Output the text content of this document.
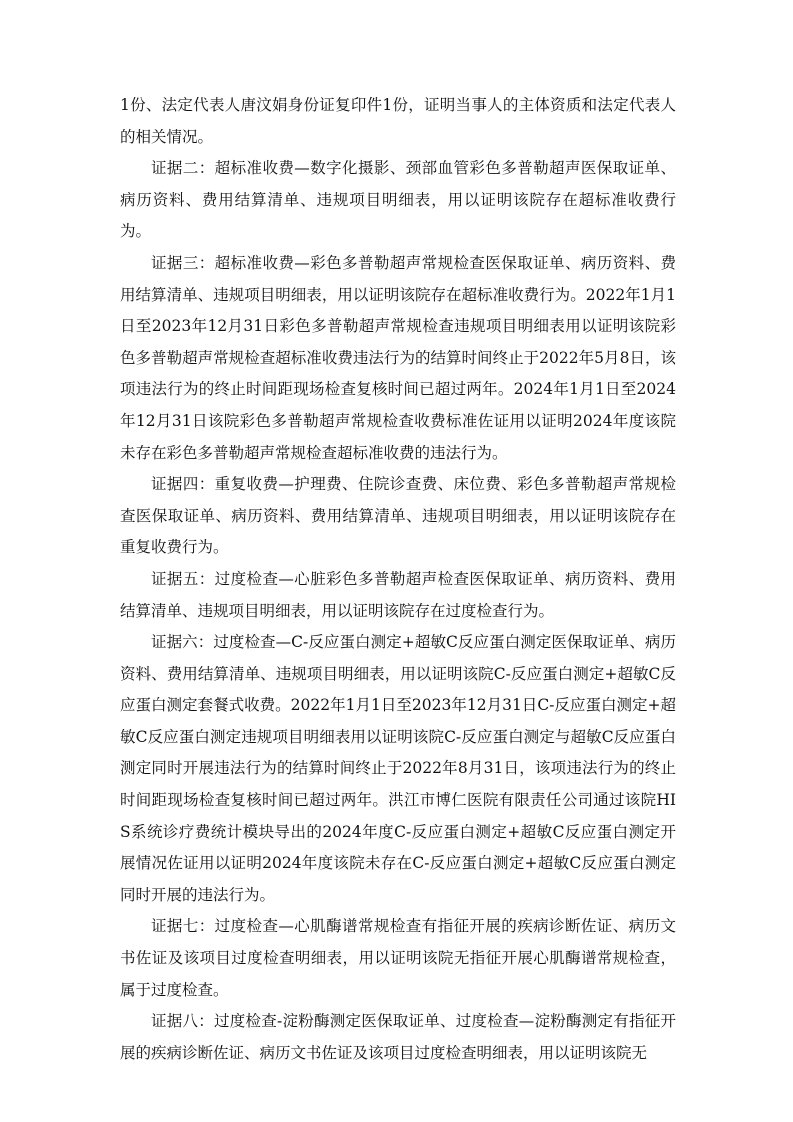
1份、法定代表人唐汶娟身份证复印件1份，证明当事人的主体资质和法定代表人的相关情况。

证据二：超标准收费—数字化摄影、颈部血管彩色多普勒超声医保取证单、病历资料、费用结算清单、违规项目明细表，用以证明该院存在超标准收费行为。

证据三：超标准收费—彩色多普勒超声常规检查医保取证单、病历资料、费用结算清单、违规项目明细表，用以证明该院存在超标准收费行为。2022年1月1日至2023年12月31日彩色多普勒超声常规检查违规项目明细表用以证明该院彩色多普勒超声常规检查超标准收费违法行为的结算时间终止于2022年5月8日，该项违法行为的终止时间距现场检查复核时间已超过两年。2024年1月1日至2024年12月31日该院彩色多普勒超声常规检查收费标准佐证用以证明2024年度该院未存在彩色多普勒超声常规检查超标准收费的违法行为。

证据四：重复收费—护理费、住院诊查费、床位费、彩色多普勒超声常规检查医保取证单、病历资料、费用结算清单、违规项目明细表，用以证明该院存在重复收费行为。

证据五：过度检查—心脏彩色多普勒超声检查医保取证单、病历资料、费用结算清单、违规项目明细表，用以证明该院存在过度检查行为。

证据六：过度检查—C-反应蛋白测定+超敏C反应蛋白测定医保取证单、病历资料、费用结算清单、违规项目明细表，用以证明该院C-反应蛋白测定+超敏C反应蛋白测定套餐式收费。2022年1月1日至2023年12月31日C-反应蛋白测定+超敏C反应蛋白测定违规项目明细表用以证明该院C-反应蛋白测定与超敏C反应蛋白测定同时开展违法行为的结算时间终止于2022年8月31日，该项违法行为的终止时间距现场检查复核时间已超过两年。洪江市博仁医院有限责任公司通过该院HIS系统诊疗费统计模块导出的2024年度C-反应蛋白测定+超敏C反应蛋白测定开展情况佐证用以证明2024年度该院未存在C-反应蛋白测定+超敏C反应蛋白测定同时开展的违法行为。

证据七：过度检查—心肌酶谱常规检查有指征开展的疾病诊断佐证、病历文书佐证及该项目过度检查明细表，用以证明该院无指征开展心肌酶谱常规检查，属于过度检查。

证据八：过度检查-淀粉酶测定医保取证单、过度检查—淀粉酶测定有指征开展的疾病诊断佐证、病历文书佐证及该项目过度检查明细表，用以证明该院无
